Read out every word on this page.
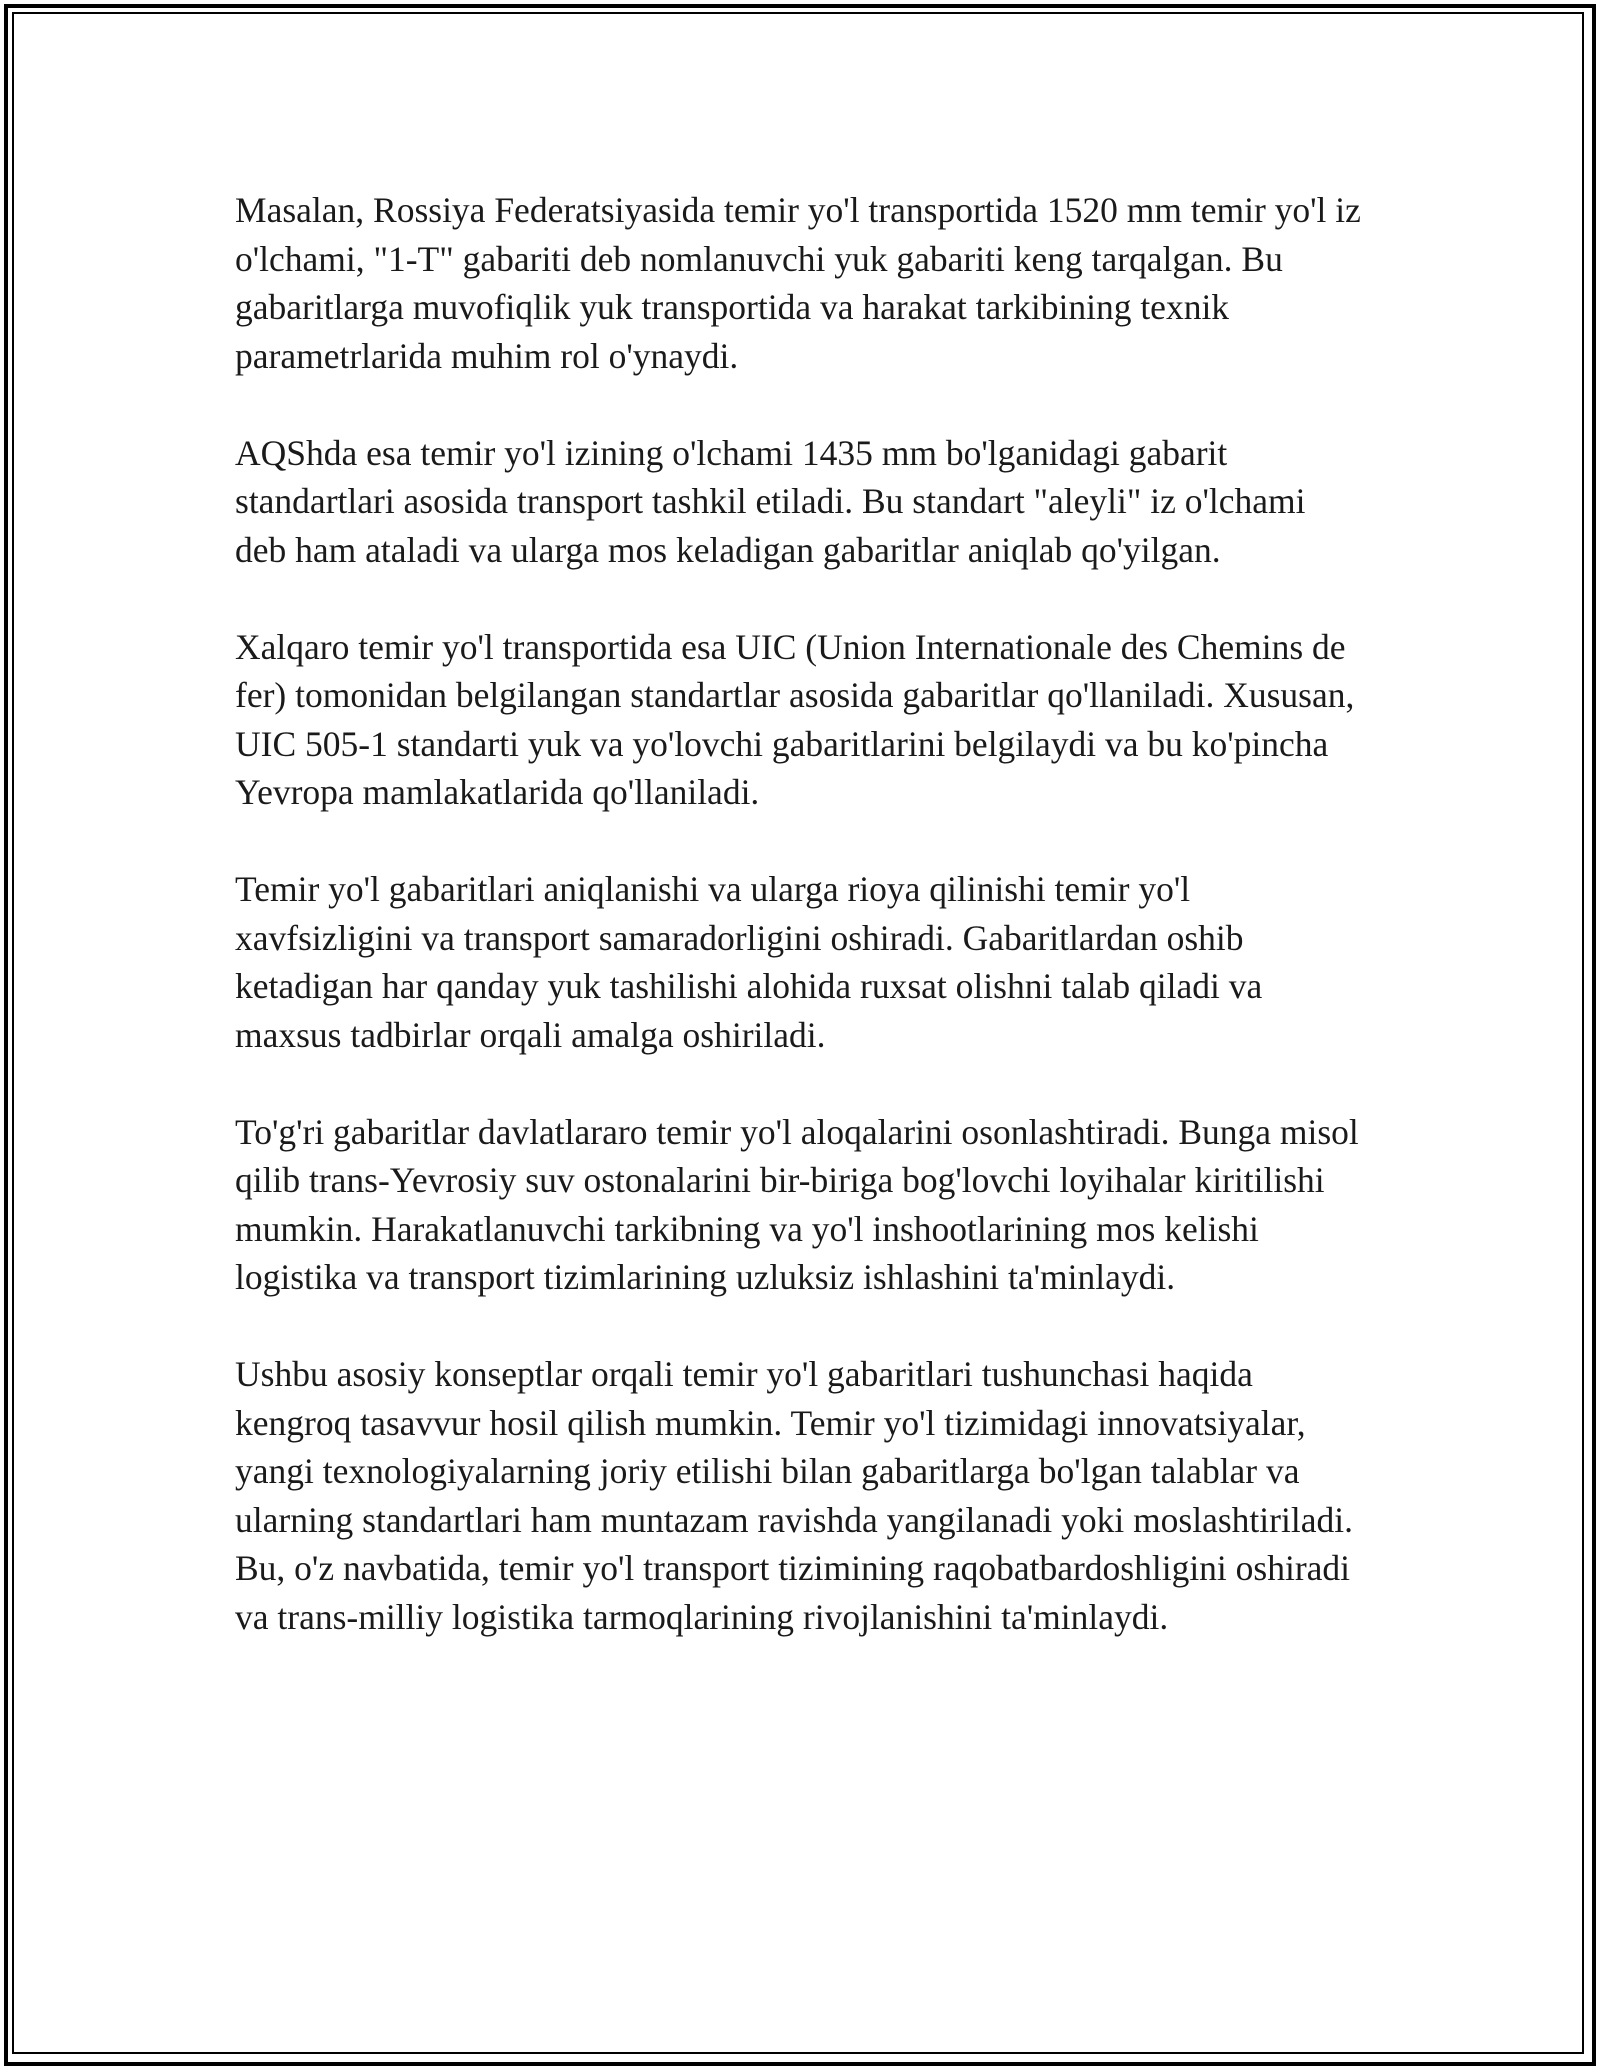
Masalan, Rossiya Federatsiyasida temir yo'l transportida 1520 mm temir yo'l iz o'lchami, "1-T" gabariti deb nomlanuvchi yuk gabariti keng tarqalgan. Bu gabaritlarga muvofiqlik yuk transportida va harakat tarkibining texnik parametrlarida muhim rol o'ynaydi.

AQShda esa temir yo'l izining o'lchami 1435 mm bo'lganidagi gabarit standartlari asosida transport tashkil etiladi. Bu standart "aleyli" iz o'lchami deb ham ataladi va ularga mos keladigan gabaritlar aniqlab qo'yilgan.

Xalqaro temir yo'l transportida esa UIC (Union Internationale des Chemins de fer) tomonidan belgilangan standartlar asosida gabaritlar qo'llaniladi. Xususan, UIC 505-1 standarti yuk va yo'lovchi gabaritlarini belgilaydi va bu ko'pincha Yevropa mamlakatlarida qo'llaniladi.

Temir yo'l gabaritlari aniqlanishi va ularga rioya qilinishi temir yo'l xavfsizligini va transport samaradorligini oshiradi. Gabaritlardan oshib ketadigan har qanday yuk tashilishi alohida ruxsat olishni talab qiladi va maxsus tadbirlar orqali amalga oshiriladi.

To'g'ri gabaritlar davlatlararo temir yo'l aloqalarini osonlashtiradi. Bunga misol qilib trans-Yevrosiy suv ostonalarini bir-biriga bog'lovchi loyihalar kiritilishi mumkin. Harakatlanuvchi tarkibning va yo'l inshootlarining mos kelishi logistika va transport tizimlarining uzluksiz ishlashini ta'minlaydi.

Ushbu asosiy konseptlar orqali temir yo'l gabaritlari tushunchasi haqida kengroq tasavvur hosil qilish mumkin. Temir yo'l tizimidagi innovatsiyalar, yangi texnologiyalarning joriy etilishi bilan gabaritlarga bo'lgan talablar va ularning standartlari ham muntazam ravishda yangilanadi yoki moslashtiriladi. Bu, o'z navbatida, temir yo'l transport tizimining raqobatbardoshligini oshiradi va trans-milliy logistika tarmoqlarining rivojlanishini ta'minlaydi.
